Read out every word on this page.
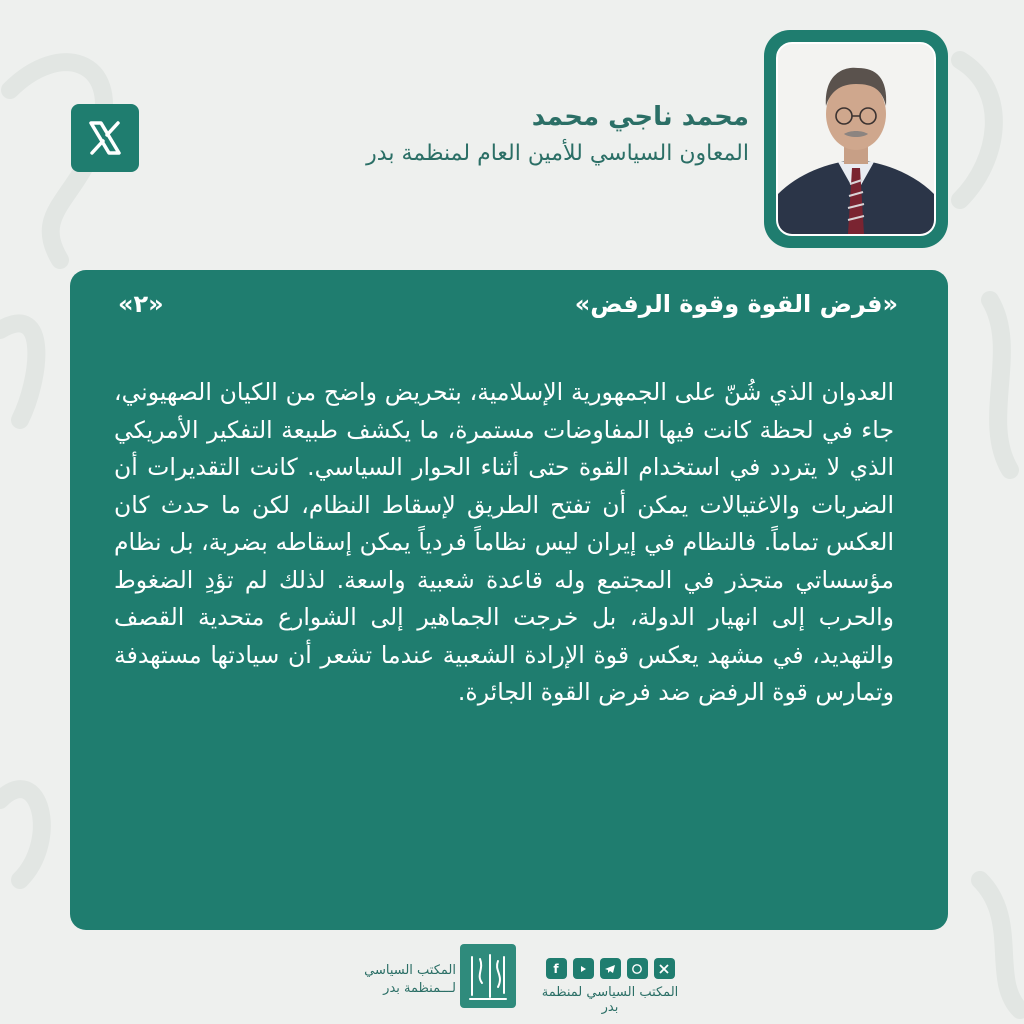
محمد ناجي محمد

المعاون السياسي للأمين العام لمنظمة بدر

«فرض القوة وقوة الرفض»

«٢»

العدوان الذي شُنّ على الجمهورية الإسلامية، بتحريض واضح من الكيان الصهيوني، جاء في لحظة كانت فيها المفاوضات مستمرة، ما يكشف طبيعة التفكير الأمريكي الذي لا يتردد في استخدام القوة حتى أثناء الحوار السياسي. كانت التقديرات أن الضربات والاغتيالات يمكن أن تفتح الطريق لإسقاط النظام، لكن ما حدث كان العكس تماماً. فالنظام في إيران ليس نظاماً فردياً يمكن إسقاطه بضربة، بل نظام مؤسساتي متجذر في المجتمع وله قاعدة شعبية واسعة. لذلك لم تؤدِ الضغوط والحرب إلى انهيار الدولة، بل خرجت الجماهير إلى الشوارع متحدية القصف والتهديد، في مشهد يعكس قوة الإرادة الشعبية عندما تشعر أن سيادتها مستهدفة وتمارس قوة الرفض ضد فرض القوة الجائرة.

المكتب السياسي

لـــمنظمة بدر

f

المكتب السياسي لمنظمة بدر
